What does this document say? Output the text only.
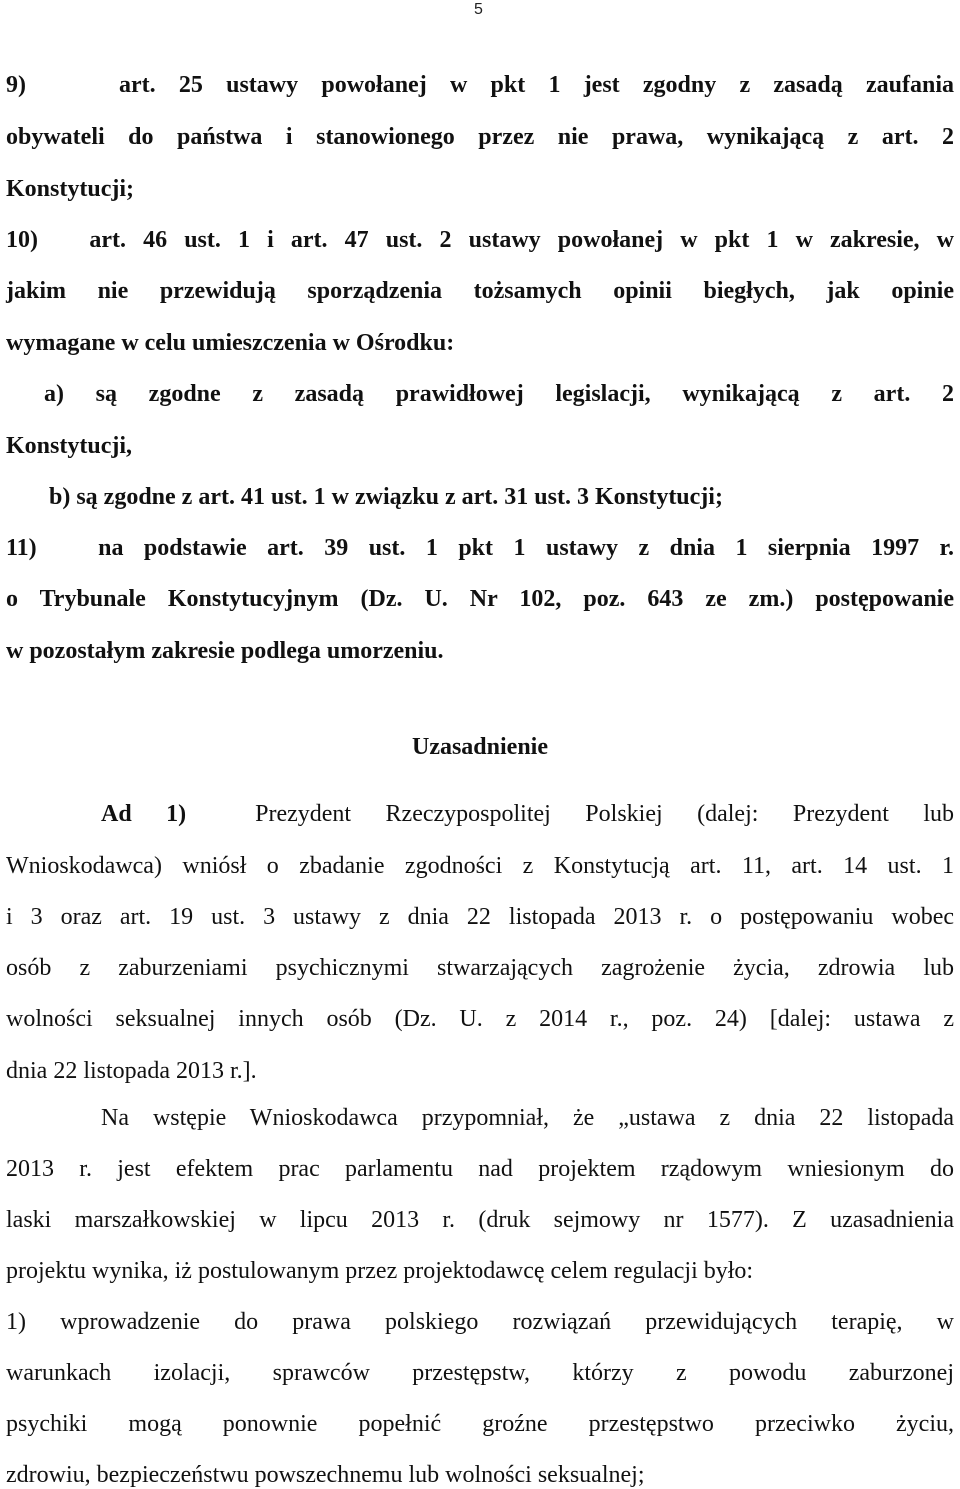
5
9)    art. 25 ustawy powołanej w pkt 1 jest zgodny z zasadą zaufania
obywateli do państwa i stanowionego przez nie prawa, wynikającą z art. 2
Konstytucji;
10)   art. 46 ust. 1 i art. 47 ust. 2 ustawy powołanej w pkt 1 w zakresie, w
jakim nie przewidują sporządzenia tożsamych opinii biegłych, jak opinie
wymagane w celu umieszczenia w Ośrodku:
a) są zgodne z zasadą prawidłowej legislacji, wynikającą z art. 2
Konstytucji,
b) są zgodne z art. 41 ust. 1 w związku z art. 31 ust. 3 Konstytucji;
11)   na podstawie art. 39 ust. 1 pkt 1 ustawy z dnia 1 sierpnia 1997 r.
o Trybunale Konstytucyjnym (Dz. U. Nr 102, poz. 643 ze zm.) postępowanie
w pozostałym zakresie podlega umorzeniu.
Uzasadnienie
Ad 1)	Prezydent Rzeczypospolitej Polskiej (dalej: Prezydent lub
Wnioskodawca) wniósł o zbadanie zgodności z Konstytucją art. 11, art. 14 ust. 1
i 3 oraz art. 19 ust. 3 ustawy z dnia 22 listopada 2013 r. o postępowaniu wobec
osób z zaburzeniami psychicznymi stwarzających zagrożenie życia, zdrowia lub
wolności seksualnej innych osób (Dz. U. z 2014 r., poz. 24) [dalej: ustawa z
dnia 22 listopada 2013 r.].
Na wstępie Wnioskodawca przypomniał, że „ustawa z dnia 22 listopada
2013 r. jest efektem prac parlamentu nad projektem rządowym wniesionym do
laski marszałkowskiej w lipcu 2013 r. (druk sejmowy nr 1577). Z uzasadnienia
projektu wynika, iż postulowanym przez projektodawcę celem regulacji było:
1) wprowadzenie do prawa polskiego rozwiązań przewidujących terapię, w
warunkach izolacji, sprawców przestępstw, którzy z powodu zaburzonej
psychiki mogą ponownie popełnić groźne przestępstwo przeciwko życiu,
zdrowiu, bezpieczeństwu powszechnemu lub wolności seksualnej;
